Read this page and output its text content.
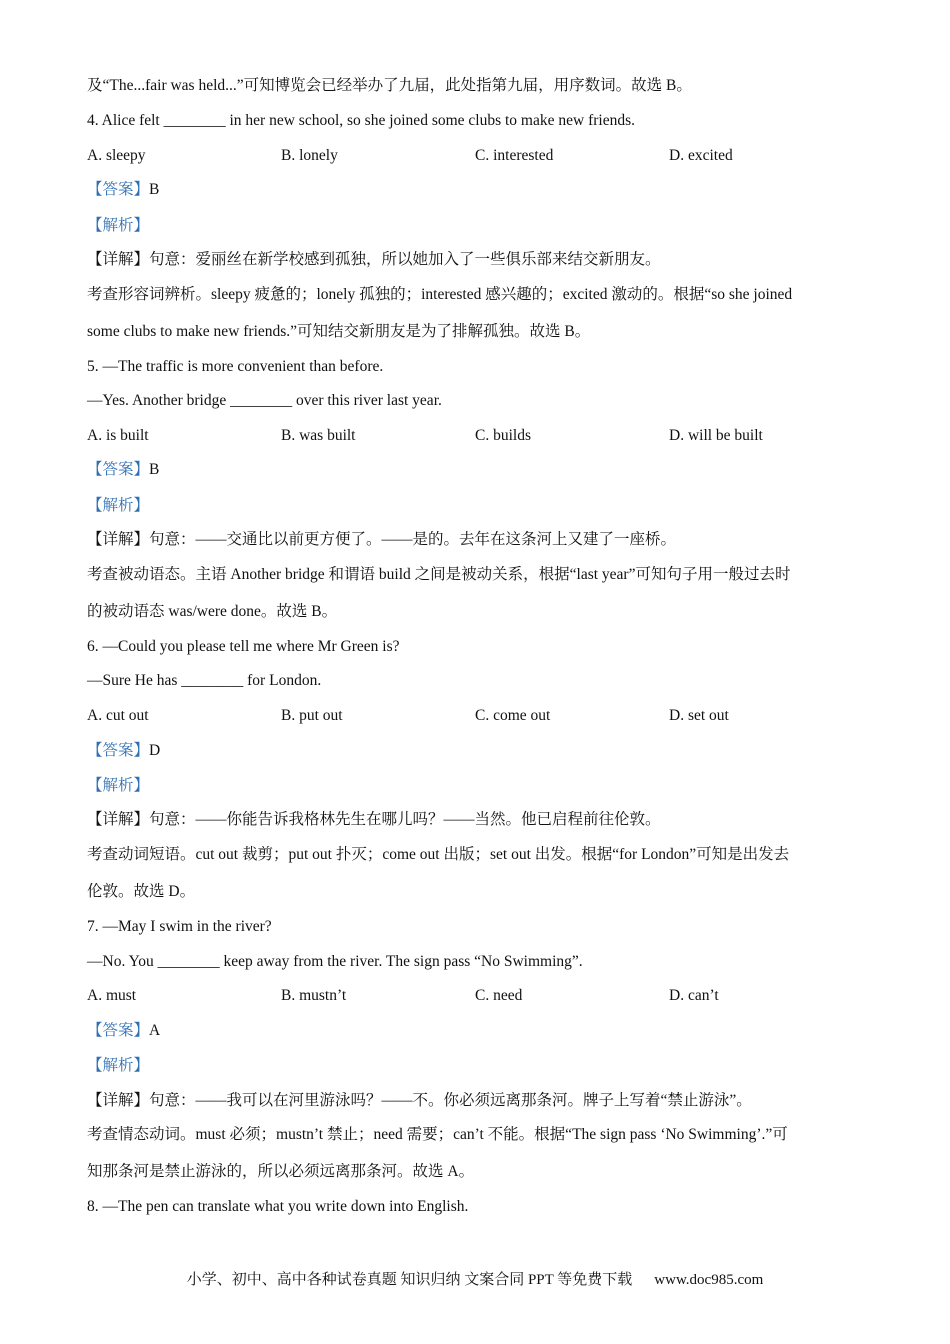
及“The...fair was held...”可知博览会已经举办了九届，此处指第九届，用序数词。故选 B。
4. Alice felt ________ in her new school, so she joined some clubs to make new friends.
A. sleepy	B. lonely	C. interested	D. excited
【答案】B
【解析】
【详解】句意：爱丽丝在新学校感到孤独，所以她加入了一些俱乐部来结交新朋友。
考查形容词辨析。sleepy 疲惫的；lonely 孤独的；interested 感兴趣的；excited 激动的。根据“so she joined
some clubs to make new friends.”可知结交新朋友是为了排解孤独。故选 B。
5. —The traffic is more convenient than before.
—Yes. Another bridge ________ over this river last year.
A. is built	B. was built	C. builds	D. will be built
【答案】B
【解析】
【详解】句意：——交通比以前更方便了。——是的。去年在这条河上又建了一座桥。
考查被动语态。主语 Another bridge 和谓语 build 之间是被动关系，根据“last year”可知句子用一般过去时
的被动语态 was/were done。故选 B。
6. —Could you please tell me where Mr Green is?
—Sure He has ________ for London.
A. cut out	B. put out	C. come out	D. set out
【答案】D
【解析】
【详解】句意：——你能告诉我格林先生在哪儿吗？——当然。他已启程前往伦敦。
考查动词短语。cut out 裁剪；put out 扑灭；come out 出版；set out 出发。根据“for London”可知是出发去
伦敦。故选 D。
7. —May I swim in the river?
—No. You ________ keep away from the river. The sign pass “No Swimming”.
A. must	B. mustn’t	C. need	D. can’t
【答案】A
【解析】
【详解】句意：——我可以在河里游泳吗？——不。你必须远离那条河。牌子上写着“禁止游泳”。
考查情态动词。must 必须；mustn’t 禁止；need 需要；can’t 不能。根据“The sign pass ‘No Swimming’.”可
知那条河是禁止游泳的，所以必须远离那条河。故选 A。
8. —The pen can translate what you write down into English.
小学、初中、高中各种试卷真题 知识归纳 文案合同 PPT 等免费下载 www.doc985.com
